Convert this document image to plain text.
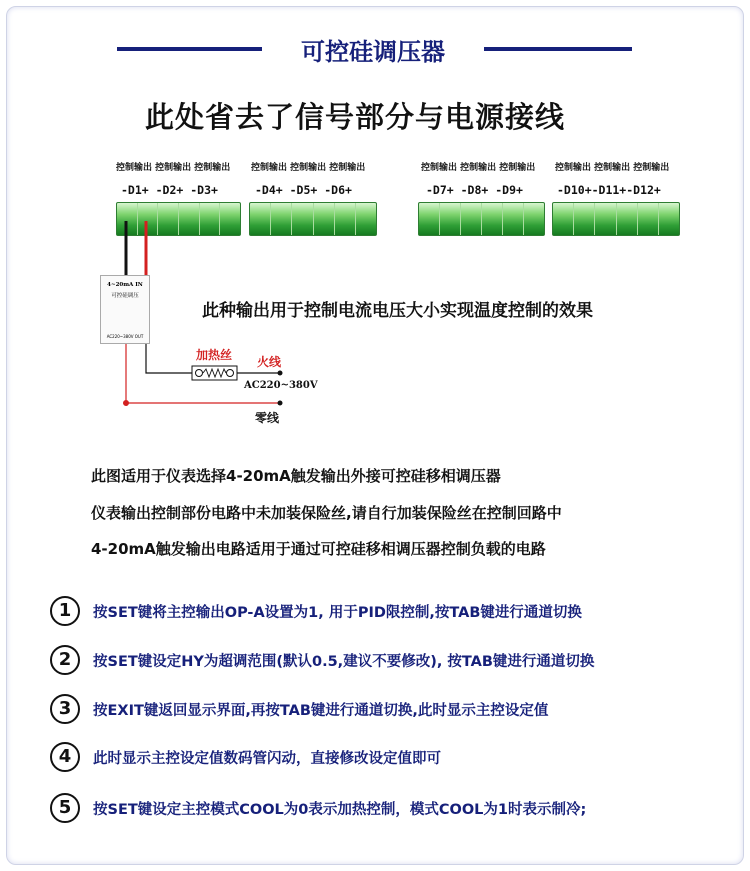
可控硅调压器
此处省去了信号部分与电源接线
控制输出 控制输出 控制输出 控制输出 控制输出 控制输出	控制输出 控制输出 控制输出 控制输出 控制输出 控制输出
-D1+ -D2+ -D3+	-D4+ -D5+ -D6+	-D7+ -D8+ -D9+	-D10+-D11+-D12+
4~20mA IN
可控硅调压
AC220~380V OUT
此种输出用于控制电流电压大小实现温度控制的效果
加热丝 火线
AC220~380V
零线
此图适用于仪表选择4-20mA触发输出外接可控硅移相调压器
仪表输出控制部份电路中未加装保险丝,请自行加装保险丝在控制回路中
4-20mA触发输出电路适用于通过可控硅移相调压器控制负载的电路
1	按SET键将主控输出OP-A设置为1, 用于PID限控制,按TAB键进行通道切换
2	按SET键设定HY为超调范围(默认0.5,建议不要修改), 按TAB键进行通道切换
3	按EXIT键返回显示界面,再按TAB键进行通道切换,此时显示主控设定值
4	此时显示主控设定值数码管闪动，直接修改设定值即可
5	按SET键设定主控模式COOL为0表示加热控制，模式COOL为1时表示制冷;
